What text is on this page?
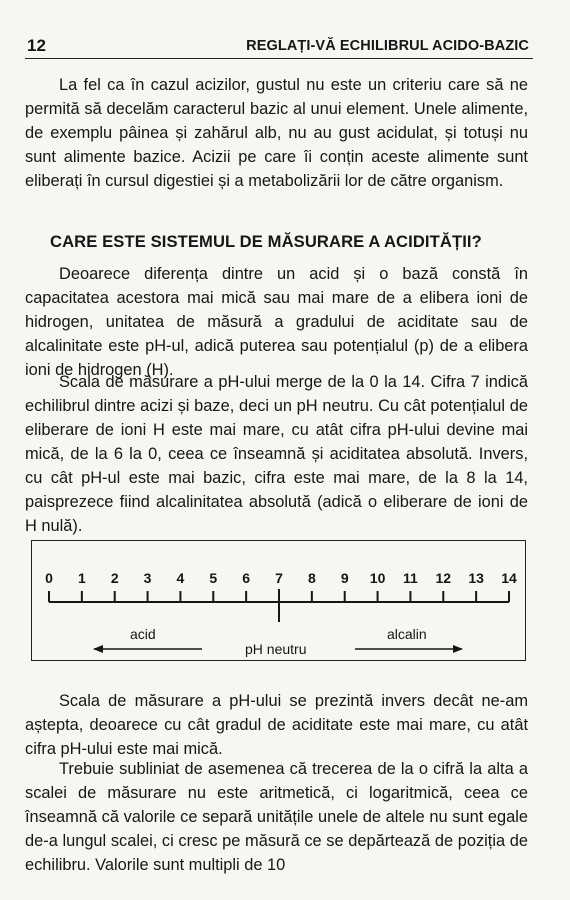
12	REGLAȚI-VĂ ECHILIBRUL ACIDO-BAZIC

La fel ca în cazul acizilor, gustul nu este un criteriu care să ne permită să decelăm caracterul bazic al unui element. Unele alimente, de exemplu pâinea și zahărul alb, nu au gust acidulat, și totuși nu sunt alimente bazice. Acizii pe care îi conțin aceste alimente sunt eliberați în cursul digestiei și a metabolizării lor de către organism.

CARE ESTE SISTEMUL DE MĂSURARE A ACIDITĂȚII?

Deoarece diferența dintre un acid și o bază constă în capacitatea acestora mai mică sau mai mare de a elibera ioni de hidrogen, unitatea de măsură a gradului de aciditate sau de alcalinitate este pH-ul, adică puterea sau potențialul (p) de a elibera ioni de hidrogen (H).

Scala de măsurare a pH-ului merge de la 0 la 14. Cifra 7 indică echilibrul dintre acizi și baze, deci un pH neutru. Cu cât potențialul de eliberare de ioni H este mai mare, cu atât cifra pH-ului devine mai mică, de la 6 la 0, ceea ce înseamnă și aciditatea absolută. Invers, cu cât pH-ul este mai bazic, cifra este mai mare, de la 8 la 14, paisprezece fiind alcalinitatea absolută (adică o eliberare de ioni de H nulă).

0 1 2 3 4 5 6 7 8 9 10 11 12 13 14
acid
pH neutru
alcalin

Scala de măsurare a pH-ului se prezintă invers decât ne-am aștepta, deoarece cu cât gradul de aciditate este mai mare, cu atât cifra pH-ului este mai mică.

Trebuie subliniat de asemenea că trecerea de la o cifră la alta a scalei de măsurare nu este aritmetică, ci logaritmică, ceea ce înseamnă că valorile ce separă unitățile unele de altele nu sunt egale de-a lungul scalei, ci cresc pe măsură ce se depărtează de poziția de echilibru. Valorile sunt multipli de 10
